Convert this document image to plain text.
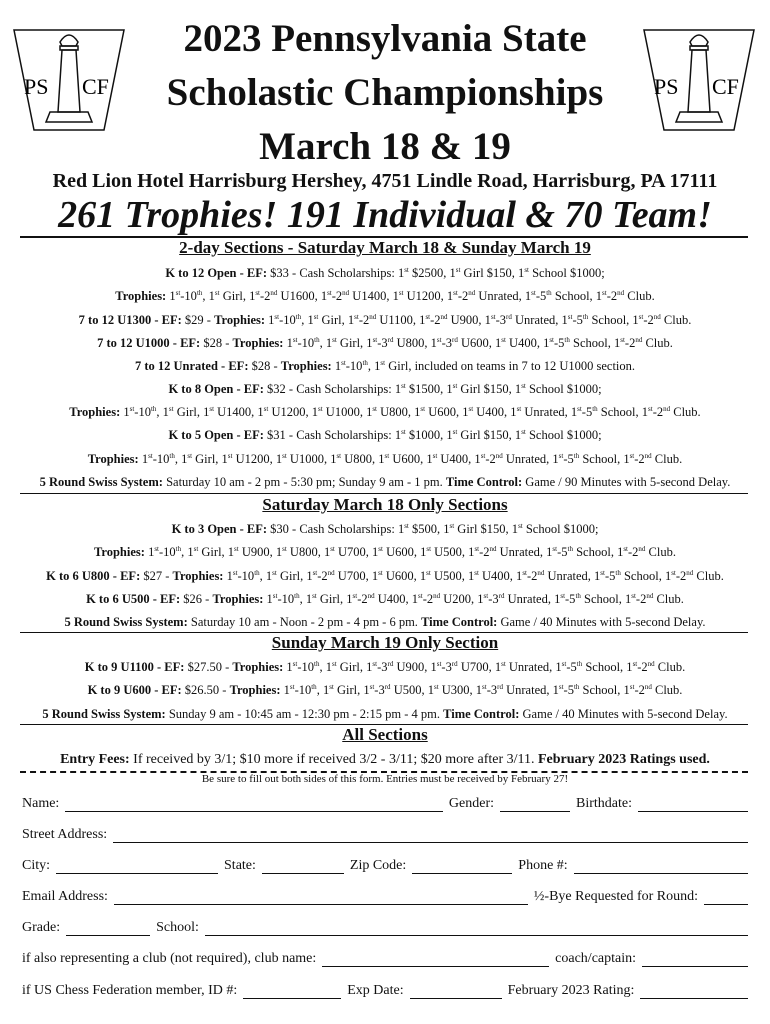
PS CF	PS CF
2023 Pennsylvania State
Scholastic Championships
March 18 & 19
Red Lion Hotel Harrisburg Hershey, 4751 Lindle Road, Harrisburg, PA 17111
261 Trophies! 191 Individual & 70 Team!
2-day Sections - Saturday March 18 & Sunday March 19
K to 12 Open - EF: $33 - Cash Scholarships: 1st $2500, 1st Girl $150, 1st School $1000;
Trophies: 1st-10th, 1st Girl, 1st-2nd U1600, 1st-2nd U1400, 1st U1200, 1st-2nd Unrated, 1st-5th School, 1st-2nd Club.
7 to 12 U1300 - EF: $29 - Trophies: 1st-10th, 1st Girl, 1st-2nd U1100, 1st-2nd U900, 1st-3rd Unrated, 1st-5th School, 1st-2nd Club.
7 to 12 U1000 - EF: $28 - Trophies: 1st-10th, 1st Girl, 1st-3rd U800, 1st-3rd U600, 1st U400, 1st-5th School, 1st-2nd Club.
7 to 12 Unrated - EF: $28 - Trophies: 1st-10th, 1st Girl, included on teams in 7 to 12 U1000 section.
K to 8 Open - EF: $32 - Cash Scholarships: 1st $1500, 1st Girl $150, 1st School $1000;
Trophies: 1st-10th, 1st Girl, 1st U1400, 1st U1200, 1st U1000, 1st U800, 1st U600, 1st U400, 1st Unrated, 1st-5th School, 1st-2nd Club.
K to 5 Open - EF: $31 - Cash Scholarships: 1st $1000, 1st Girl $150, 1st School $1000;
Trophies: 1st-10th, 1st Girl, 1st U1200, 1st U1000, 1st U800, 1st U600, 1st U400, 1st-2nd Unrated, 1st-5th School, 1st-2nd Club.
5 Round Swiss System: Saturday 10 am - 2 pm - 5:30 pm; Sunday 9 am - 1 pm. Time Control: Game / 90 Minutes with 5-second Delay.
Saturday March 18 Only Sections
K to 3 Open - EF: $30 - Cash Scholarships: 1st $500, 1st Girl $150, 1st School $1000;
Trophies: 1st-10th, 1st Girl, 1st U900, 1st U800, 1st U700, 1st U600, 1st U500, 1st-2nd Unrated, 1st-5th School, 1st-2nd Club.
K to 6 U800 - EF: $27 - Trophies: 1st-10th, 1st Girl, 1st-2nd U700, 1st U600, 1st U500, 1st U400, 1st-2nd Unrated, 1st-5th School, 1st-2nd Club.
K to 6 U500 - EF: $26 - Trophies: 1st-10th, 1st Girl, 1st-2nd U400, 1st-2nd U200, 1st-3rd Unrated, 1st-5th School, 1st-2nd Club.
5 Round Swiss System: Saturday 10 am - Noon - 2 pm - 4 pm - 6 pm. Time Control: Game / 40 Minutes with 5-second Delay.
Sunday March 19 Only Section
K to 9 U1100 - EF: $27.50 - Trophies: 1st-10th, 1st Girl, 1st-3rd U900, 1st-3rd U700, 1st Unrated, 1st-5th School, 1st-2nd Club.
K to 9 U600 - EF: $26.50 - Trophies: 1st-10th, 1st Girl, 1st-3rd U500, 1st U300, 1st-3rd Unrated, 1st-5th School, 1st-2nd Club.
5 Round Swiss System: Sunday 9 am - 10:45 am - 12:30 pm - 2:15 pm - 4 pm. Time Control: Game / 40 Minutes with 5-second Delay.
All Sections
Entry Fees: If received by 3/1; $10 more if received 3/2 - 3/11; $20 more after 3/11. February 2023 Ratings used.
Be sure to fill out both sides of this form. Entries must be received by February 27!
Name:	Gender:	Birthdate:
Street Address:
City:	State:	Zip Code:	Phone #:
Email Address:	½-Bye Requested for Round:
Grade:	School:
if also representing a club (not required), club name:	coach/captain:
if US Chess Federation member, ID #:	Exp Date:	February 2023 Rating:
